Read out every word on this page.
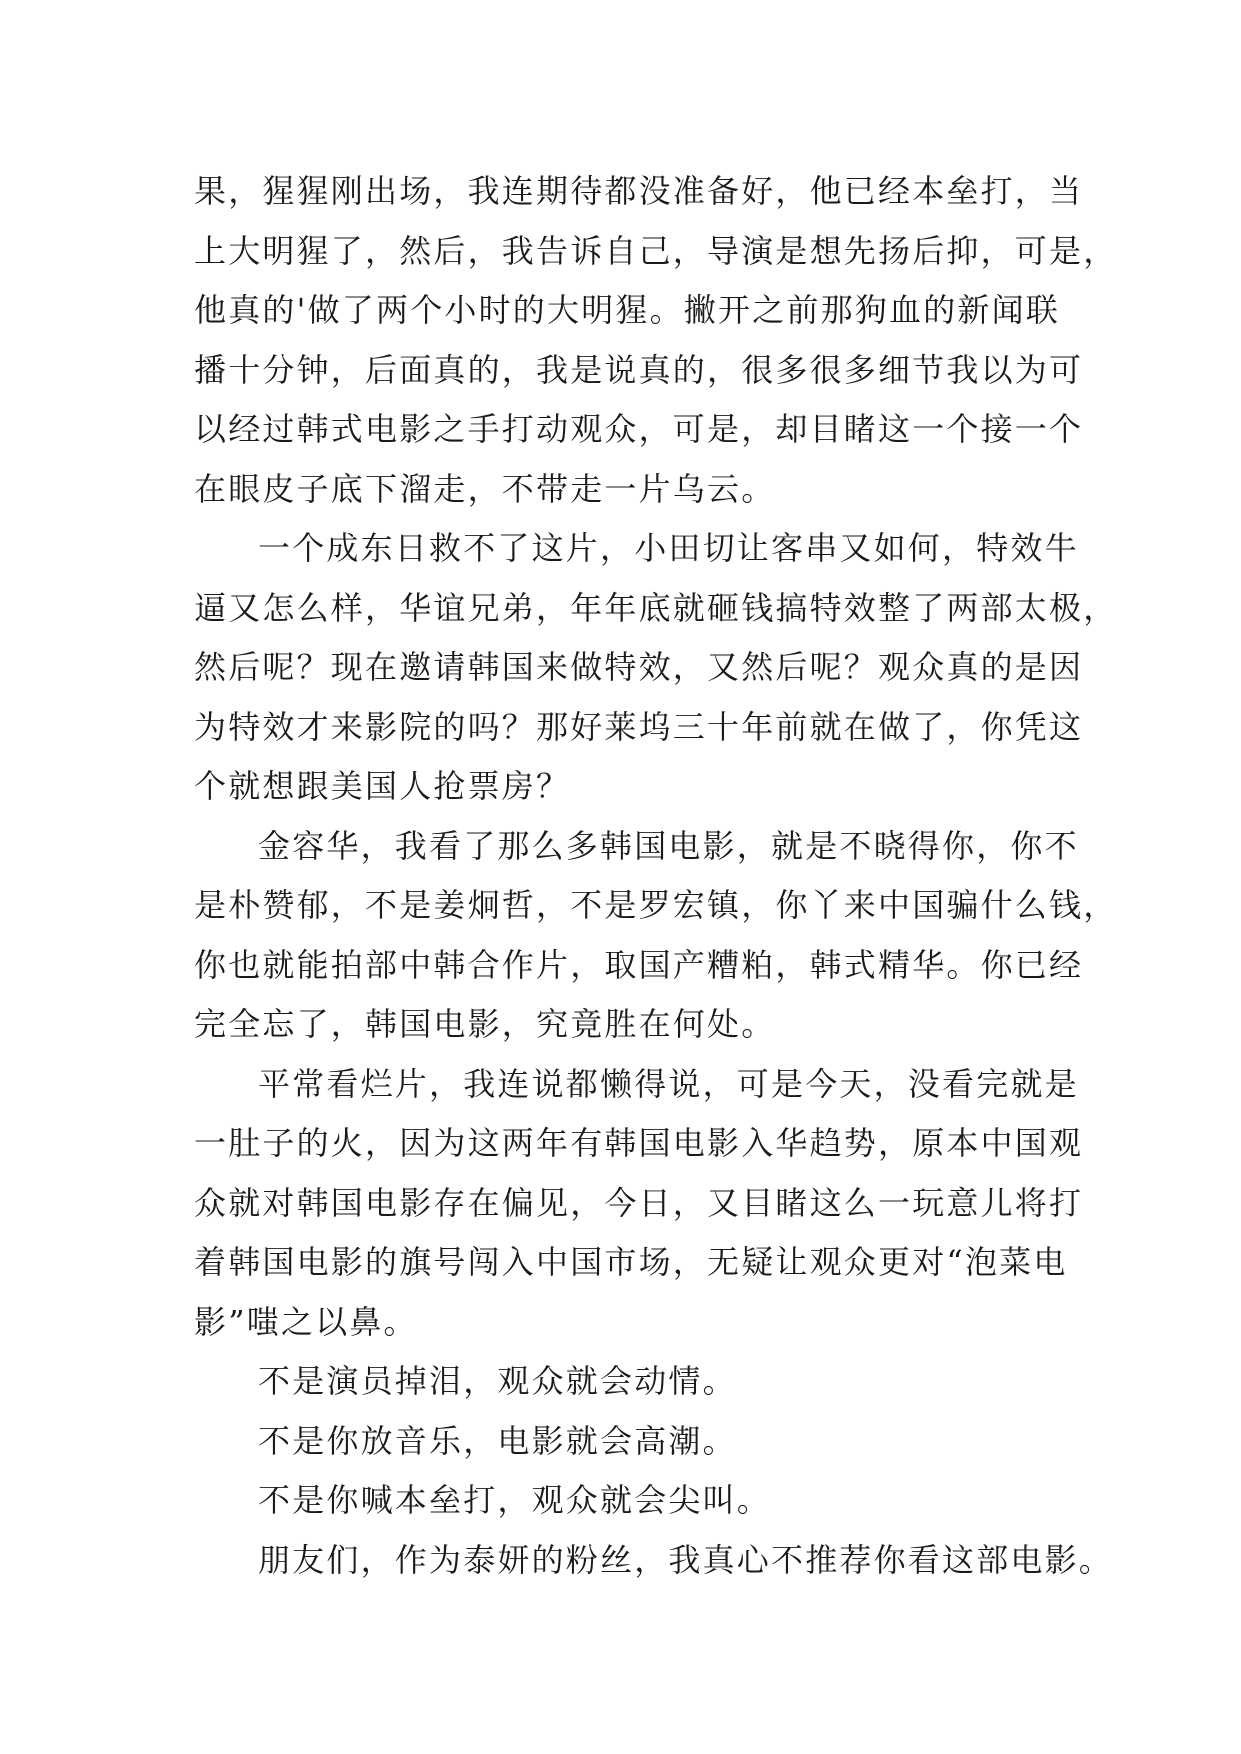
果，猩猩刚出场，我连期待都没准备好，他已经本垒打，当
上大明猩了，然后，我告诉自己，导演是想先扬后抑，可是，
他真的'做了两个小时的大明猩。撇开之前那狗血的新闻联
播十分钟，后面真的，我是说真的，很多很多细节我以为可
以经过韩式电影之手打动观众，可是，却目睹这一个接一个
在眼皮子底下溜走，不带走一片乌云。
一个成东日救不了这片，小田切让客串又如何，特效牛
逼又怎么样，华谊兄弟，年年底就砸钱搞特效整了两部太极，
然后呢？现在邀请韩国来做特效，又然后呢？观众真的是因
为特效才来影院的吗？那好莱坞三十年前就在做了，你凭这
个就想跟美国人抢票房？
金容华，我看了那么多韩国电影，就是不晓得你，你不
是朴赞郁，不是姜炯哲，不是罗宏镇，你丫来中国骗什么钱，
你也就能拍部中韩合作片，取国产糟粕，韩式精华。你已经
完全忘了，韩国电影，究竟胜在何处。
平常看烂片，我连说都懒得说，可是今天，没看完就是
一肚子的火，因为这两年有韩国电影入华趋势，原本中国观
众就对韩国电影存在偏见，今日，又目睹这么一玩意儿将打
着韩国电影的旗号闯入中国市场，无疑让观众更对“泡菜电
影”嗤之以鼻。
不是演员掉泪，观众就会动情。
不是你放音乐，电影就会高潮。
不是你喊本垒打，观众就会尖叫。
朋友们，作为泰妍的粉丝，我真心不推荐你看这部电影。
